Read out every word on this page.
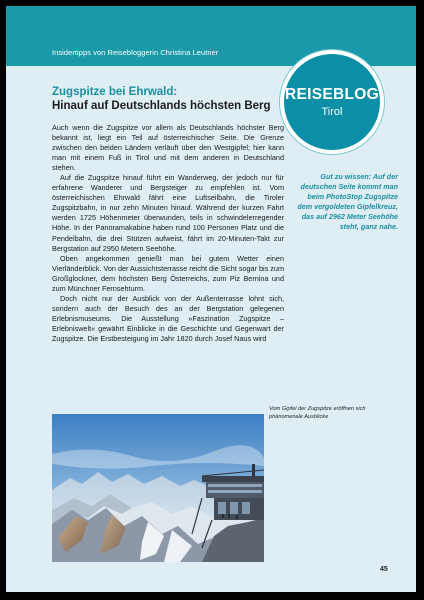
Insidertipps von Reisebloggerin Christina Leutner
REISEBLOG
Tirol
Zugspitze bei Ehrwald:
Hinauf auf Deutschlands höchsten Berg

Auch wenn die Zugspitze vor allem als Deutschlands höchster Berg bekannt ist, liegt ein Teil auf österreichischer Seite. Die Grenze zwischen den beiden Ländern verläuft über den Westgipfel; hier kann man mit einem Fuß in Tirol und mit dem anderen in Deutschland stehen.

Auf die Zugspitze hinauf führt ein Wanderweg, der jedoch nur für erfahrene Wanderer und Bergsteiger zu empfehlen ist. Vom österreichischen Ehrwald fährt eine Luftseilbahn, die Tiroler Zugspitzbahn, in nur zehn Minuten hinauf. Während der kurzen Fahrt werden 1725 Höhenmeter überwunden, teils in schwindelerregender Höhe. In der Panoramakabine haben rund 100 Personen Platz und die Pendelbahn, die drei Stützen aufweist, fährt im 20-Minuten-Takt zur Bergstation auf 2950 Metern Seehöhe.

Oben angekommen genießt man bei gutem Wetter einen Vierländerblick. Von der Aussichtsterrasse reicht die Sicht sogar bis zum Großglockner, dem höchsten Berg Österreichs, zum Piz Bernina und zum Münchner Fernsehturm.

Doch nicht nur der Ausblick von der Außenterrasse lohnt sich, sondern auch der Besuch des an der Bergstation gelegenen Erlebnismuseums. Die Ausstellung »Faszination Zugspitze – Erlebniswelt« gewährt Einblicke in die Geschichte und Gegenwart der Zugspitze. Die Erstbesteigung im Jahr 1820 durch Josef Naus wird

Gut zu wissen: Auf der deutschen Seite kommt man beim PhotoStop Zugspitze dem vergoldeten Gipfelkreuz, das auf 2962 Meter Seehöhe steht, ganz nahe.
Vom Gipfel der Zugspitze eröffnen sich phänomenale Ausblicke
45
